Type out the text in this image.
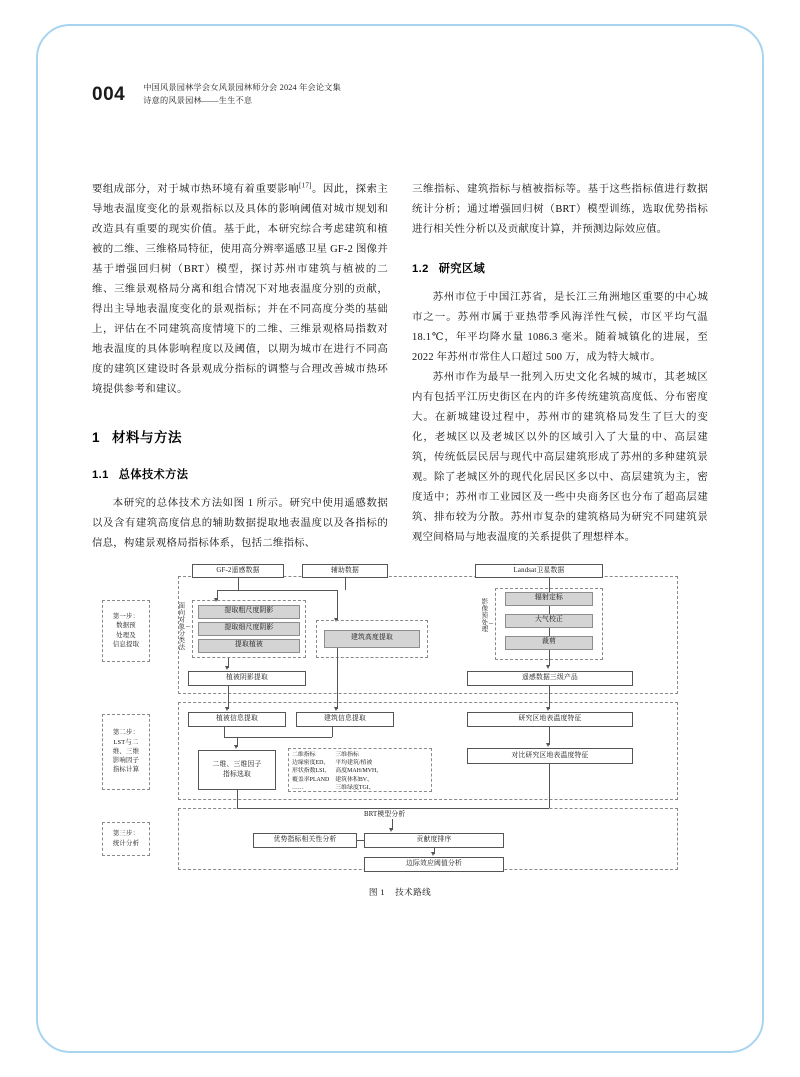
004 中国风景园林学会女风景园林师分会 2024 年会论文集
诗意的风景园林——生生不息

要组成部分，对于城市热环境有着重要影响[17]。因此，探索主导地表温度变化的景观指标以及具体的影响阈值对城市规划和改造具有重要的现实价值。基于此，本研究综合考虑建筑和植被的二维、三维格局特征，使用高分辨率遥感卫星 GF-2 图像并基于增强回归树（BRT）模型，探讨苏州市建筑与植被的二维、三维景观格局分离和组合情况下对地表温度分别的贡献，得出主导地表温度变化的景观指标；并在不同高度分类的基础上，评估在不同建筑高度情境下的二维、三维景观格局指数对地表温度的具体影响程度以及阈值，以期为城市在进行不同高度的建筑区建设时各景观成分指标的调整与合理改善城市热环境提供参考和建议。

1 材料与方法
1.1 总体技术方法

本研究的总体技术方法如图 1 所示。研究中使用遥感数据以及含有建筑高度信息的辅助数据提取地表温度以及各指标的信息，构建景观格局指标体系，包括二维指标、

三维指标、建筑指标与植被指标等。基于这些指标值进行数据统计分析；通过增强回归树（BRT）模型训练，选取优势指标进行相关性分析以及贡献度计算，并预测边际效应值。

1.2 研究区域

苏州市位于中国江苏省，是长江三角洲地区重要的中心城市之一。苏州市属于亚热带季风海洋性气候，市区平均气温 18.1℃，年平均降水量 1086.3 毫米。随着城镇化的进展，至 2022 年苏州市常住人口超过 500 万，成为特大城市。

苏州市作为最早一批列入历史文化名城的城市，其老城区内有包括平江历史街区在内的许多传统建筑高度低、分布密度大。在新城建设过程中，苏州市的建筑格局发生了巨大的变化，老城区以及老城区以外的区域引入了大量的中、高层建筑，传统低层民居与现代中高层建筑形成了苏州的多种建筑景观。除了老城区外的现代化居民区多以中、高层建筑为主，密度适中；苏州市工业园区及一些中央商务区也分布了超高层建筑、排布较为分散。苏州市复杂的建筑格局为研究不同建筑景观空间格局与地表温度的关系提供了理想样本。

第一步：
数据预
处理及
信息提取
GF-2遥感数据	辅助数据	Landsat卫星数据
面向对象分类法 –
提取粗尺度阴影
提取细尺度阴影
提取植被
建筑高度提取
植被阴影提取
影像预处理 –
辐射定标
大气校正
裁剪
遥感数据三级产品
第二步：
LST与二
维、三维
影响因子
指标计算
植被信息提取	建筑信息提取	研究区地表温度特征
二维、三维因子
指标选取
二维指标
边缘密度ED、
形状指数LSI、
覆盖率PLAND
……
三维指标
平均建筑/植被
高度MAH/MVH、
建筑体积BV、
三维绿度TGI、
对比研究区地表温度特征
第三步：
统计分析
BRT模型分析
优势指标相关性分析	贡献度排序
边际效应阈值分析
图 1 技术路线
